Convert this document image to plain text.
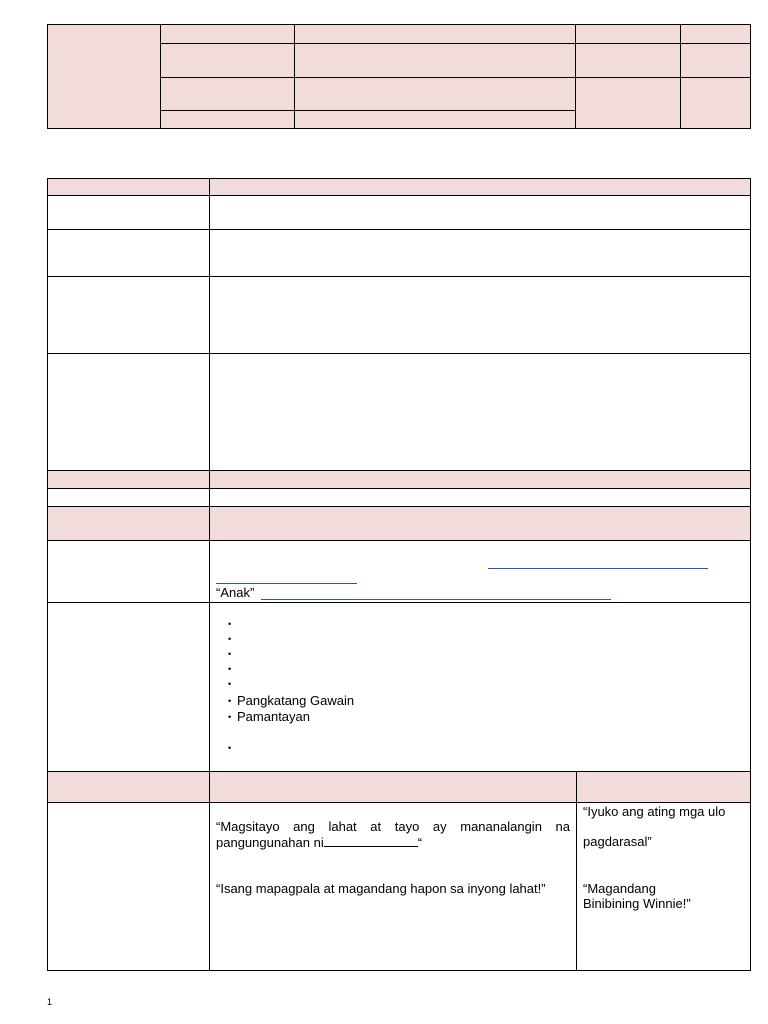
“Anak”
•
•
•
•
•
• Pangkatang Gawain
• Pamantayan
•
“Magsitayo ang lahat at tayo ay mananalangin na
pangungunahan ni	“
“Isang mapagpala at magandang hapon sa inyong lahat!”
“Iyuko ang ating mga ulo
pagdarasal”
“Magandang
Binibining Winnie!”
1
